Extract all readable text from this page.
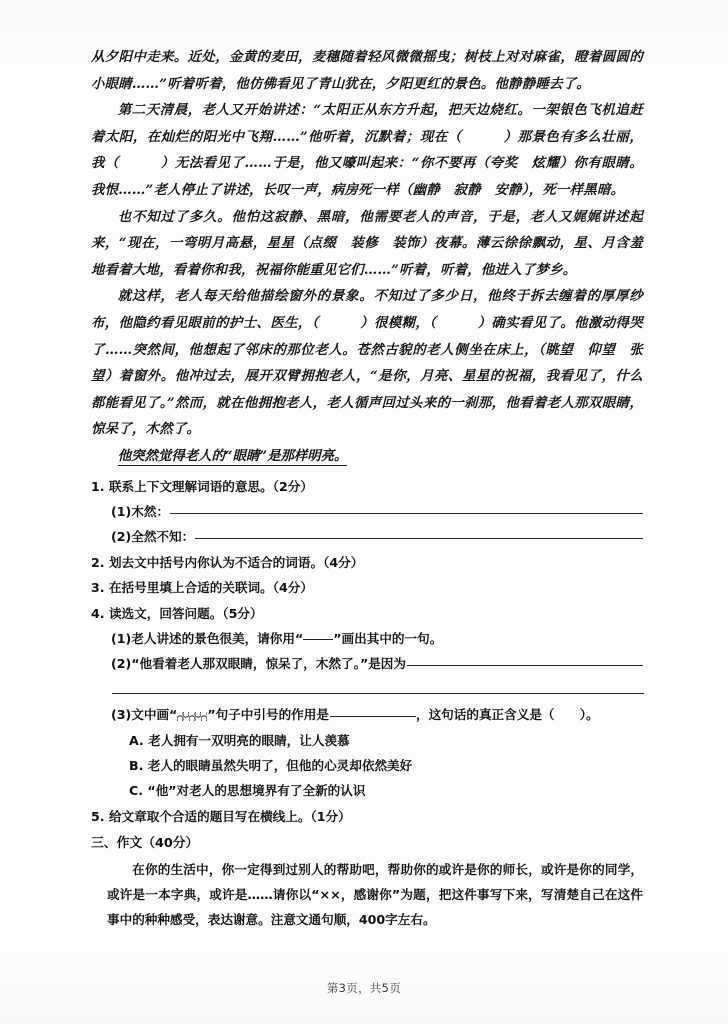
从夕阳中走来。近处，金黄的麦田，麦穗随着轻风微微摇曳；树枝上对对麻雀，瞪着圆圆的小眼睛……”听着听着，他仿佛看见了青山犹在，夕阳更红的景色。他静静睡去了。

第二天清晨，老人又开始讲述：“太阳正从东方升起，把天边烧红。一架银色飞机追赶着太阳，在灿烂的阳光中飞翔……”他听着，沉默着；现在（　　　）那景色有多么壮丽，我（　　　）无法看见了……于是，他又嚎叫起来：“你不要再（夸奖　炫耀）你有眼睛。我恨……”老人停止了讲述，长叹一声，病房死一样（幽静　寂静　安静），死一样黑暗。

也不知过了多久。他怕这寂静、黑暗，他需要老人的声音，于是，老人又娓娓讲述起来，“现在，一弯明月高悬，星星（点缀　装修　装饰）夜幕。薄云徐徐飘动，星、月含羞地看着大地，看着你和我，祝福你能重见它们……”听着，听着，他进入了梦乡。

就这样，老人每天给他描绘窗外的景象。不知过了多少日，他终于拆去缠着的厚厚纱布，他隐约看见眼前的护士、医生，（　　　）很模糊，（　　　）确实看见了。他激动得哭了……突然间，他想起了邻床的那位老人。苍然古貌的老人侧坐在床上，（眺望　仰望　张望）着窗外。他冲过去，展开双臂拥抱老人，“是你，月亮、星星的祝福，我看见了，什么都能看见了。”然而，就在他拥抱老人，老人循声回过头来的一刹那，他看着老人那双眼睛，惊呆了，木然了。

他突然觉得老人的“眼睛”是那样明亮。

1. 联系上下文理解词语的意思。（2分）

(1)木然：
(2)全然不知：

2. 划去文中括号内你认为不适合的词语。（4分）

3. 在括号里填上合适的关联词。（4分）

4. 读选文，回答问题。（5分）

(1)老人讲述的景色很美，请你用“ ”画出其中的一句。
(2)“他看着老人那双眼睛，惊呆了，木然了。”是因为
(3)文中画“ ”句子中引号的作用是	，这句话的真正含义是（　　）。

A. 老人拥有一双明亮的眼睛，让人羡慕

B. 老人的眼睛虽然失明了，但他的心灵却依然美好

C. “他”对老人的思想境界有了全新的认识

5. 给文章取个合适的题目写在横线上。（1分）

三、作文（40分）

在你的生活中，你一定得到过别人的帮助吧，帮助你的或许是你的师长，或许是你的同学，或许是一本字典，或许是……请你以“××，感谢你”为题，把这件事写下来，写清楚自己在这件事中的种种感受，表达谢意。注意文通句顺，400字左右。

第3页，共5页
